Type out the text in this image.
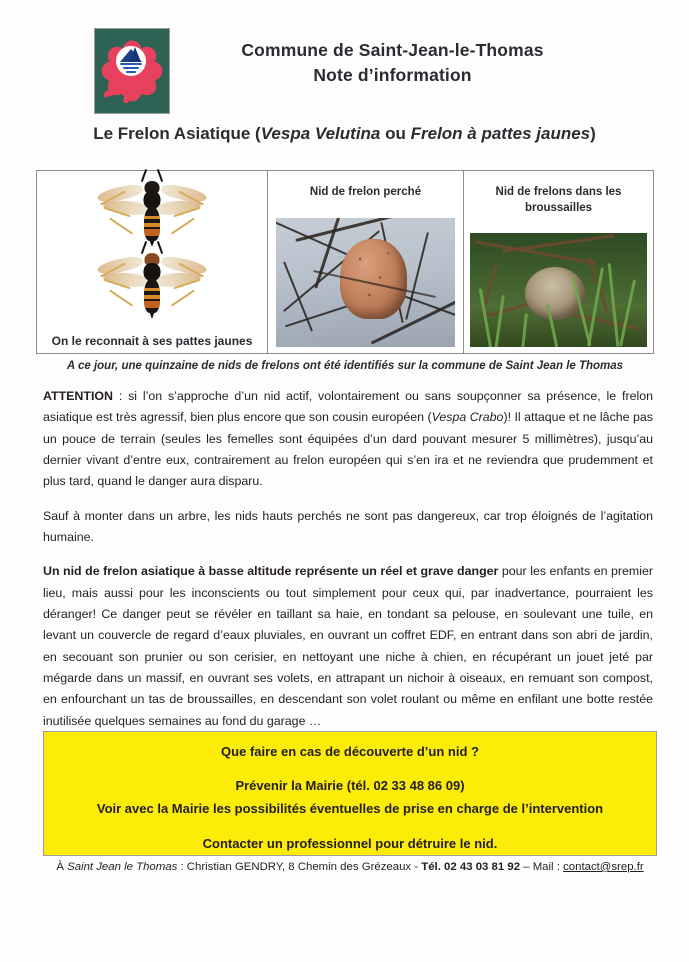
Commune de Saint-Jean-le-Thomas
Note d’information
Le Frelon Asiatique (Vespa Velutina ou Frelon à pattes jaunes)
On le reconnait à ses pattes jaunes
Nid de frelon perché	Nid de frelons dans les broussailles
A ce jour, une quinzaine de nids de frelons ont été identifiés sur la commune de Saint Jean le Thomas

ATTENTION : si l’on s’approche d’un nid actif, volontairement ou sans soupçonner sa présence, le frelon asiatique est très agressif, bien plus encore que son cousin européen (Vespa Crabo)! Il attaque et ne lâche pas un pouce de terrain (seules les femelles sont équipées d’un dard pouvant mesurer 5 millimètres), jusqu’au dernier vivant d’entre eux, contrairement au frelon européen qui s’en ira et ne reviendra que prudemment et plus tard, quand le danger aura disparu.

Sauf à monter dans un arbre, les nids hauts perchés ne sont pas dangereux, car trop éloignés de l’agitation humaine.

Un nid de frelon asiatique à basse altitude représente un réel et grave danger pour les enfants en premier lieu, mais aussi pour les inconscients ou tout simplement pour ceux qui, par inadvertance, pourraient les déranger! Ce danger peut se révéler en taillant sa haie, en tondant sa pelouse, en soulevant une tuile, en levant un couvercle de regard d’eaux pluviales, en ouvrant un coffret EDF, en entrant dans son abri de jardin, en secouant son prunier ou son cerisier, en nettoyant une niche à chien, en récupérant un jouet jeté par mégarde dans un massif, en ouvrant ses volets, en attrapant un nichoir à oiseaux, en remuant son compost, en enfourchant un tas de broussailles, en descendant son volet roulant ou même en enfilant une botte restée inutilisée quelques semaines au fond du garage …

Que faire en cas de découverte d’un nid ?
Prévenir la Mairie (tél. 02 33 48 86 09)
Voir avec la Mairie les possibilités éventuelles de prise en charge de l’intervention
Contacter un professionnel pour détruire le nid.
À Saint Jean le Thomas : Christian GENDRY, 8 Chemin des Grézeaux - Tél. 02 43 03 81 92 – Mail : contact@srep.fr
